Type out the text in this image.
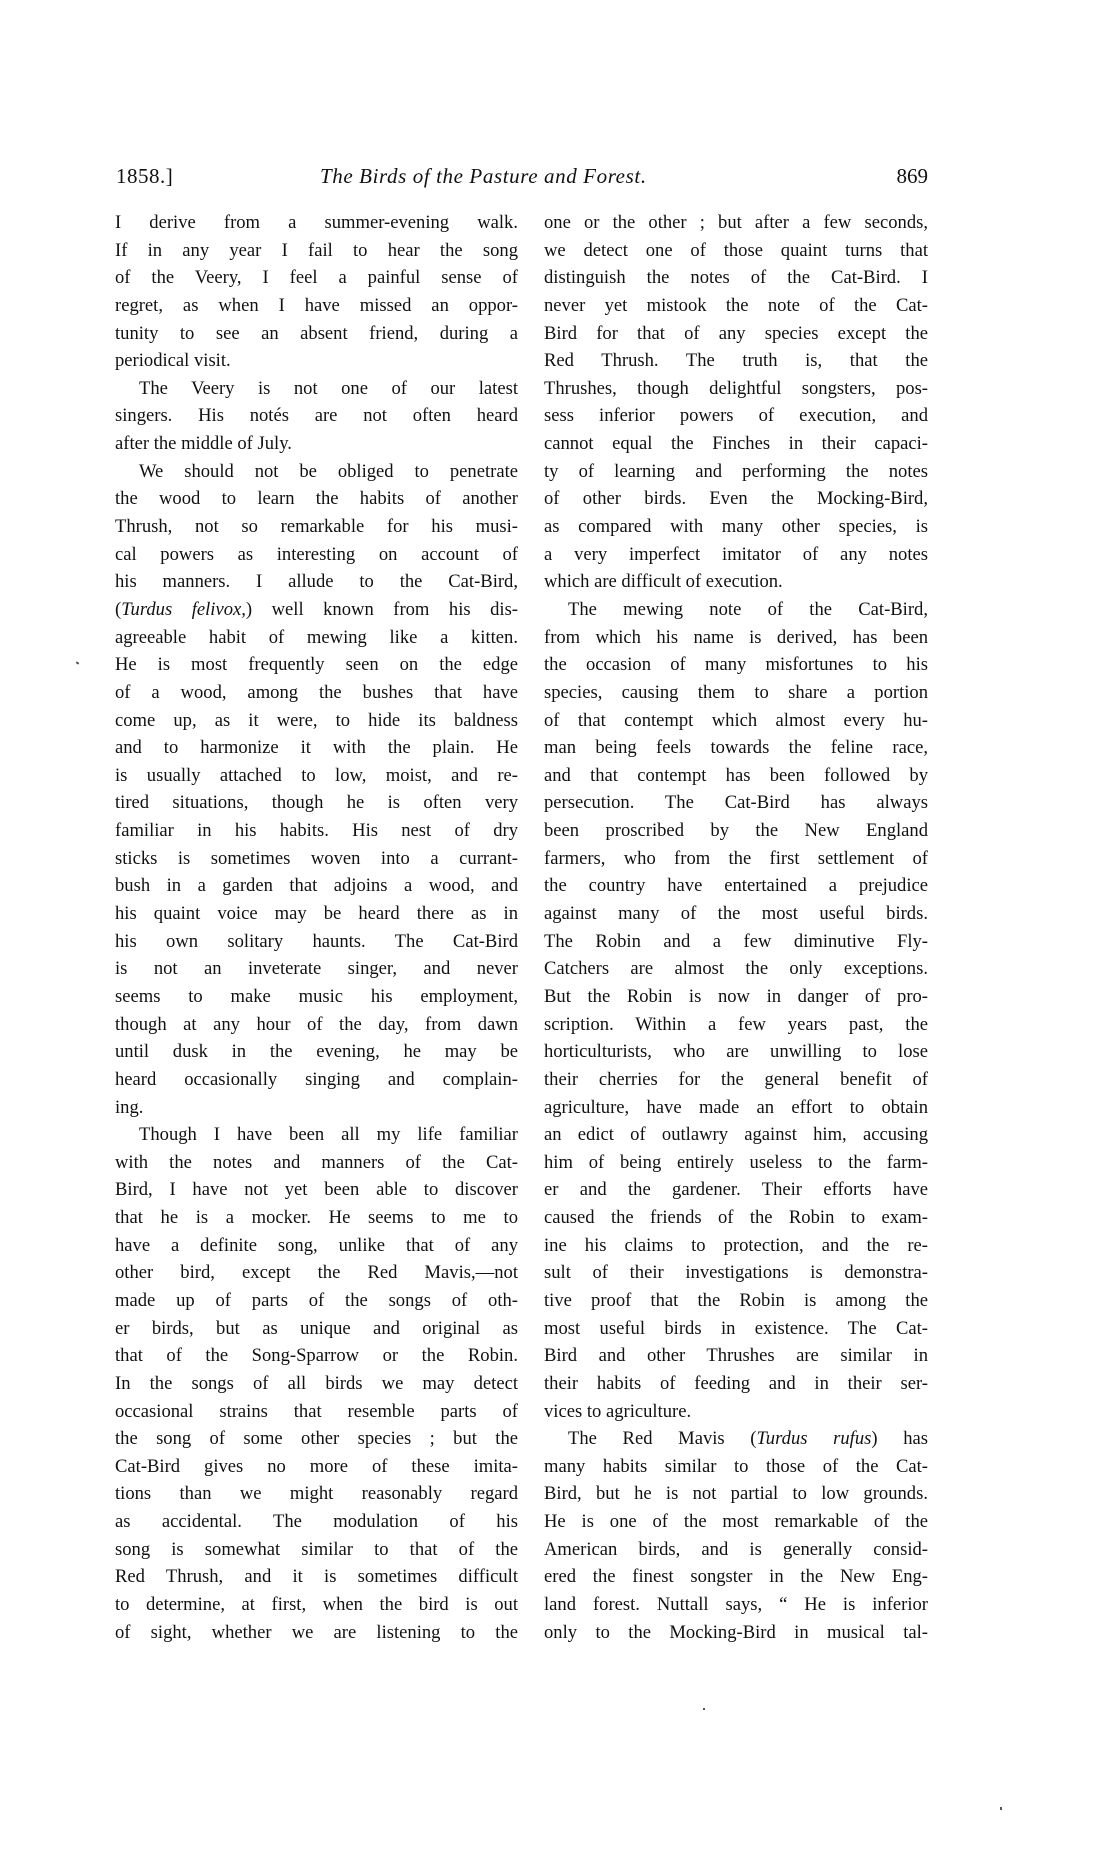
1858.]	The Birds of the Pasture and Forest.	869
I derive from a summer-evening walk.
If in any year I fail to hear the song
of the Veery, I feel a painful sense of
regret, as when I have missed an oppor-
tunity to see an absent friend, during a
periodical visit.
The Veery is not one of our latest
singers. His notés are not often heard
after the middle of July.
We should not be obliged to penetrate
the wood to learn the habits of another
Thrush, not so remarkable for his musi-
cal powers as interesting on account of
his manners. I allude to the Cat-Bird,
(Turdus felivox,) well known from his dis-
agreeable habit of mewing like a kitten.
He is most frequently seen on the edge
of a wood, among the bushes that have
come up, as it were, to hide its baldness
and to harmonize it with the plain. He
is usually attached to low, moist, and re-
tired situations, though he is often very
familiar in his habits. His nest of dry
sticks is sometimes woven into a currant-
bush in a garden that adjoins a wood, and
his quaint voice may be heard there as in
his own solitary haunts. The Cat-Bird
is not an inveterate singer, and never
seems to make music his employment,
though at any hour of the day, from dawn
until dusk in the evening, he may be
heard occasionally singing and complain-
ing.
Though I have been all my life familiar
with the notes and manners of the Cat-
Bird, I have not yet been able to discover
that he is a mocker. He seems to me to
have a definite song, unlike that of any
other bird, except the Red Mavis,—not
made up of parts of the songs of oth-
er birds, but as unique and original as
that of the Song-Sparrow or the Robin.
In the songs of all birds we may detect
occasional strains that resemble parts of
the song of some other species ; but the
Cat-Bird gives no more of these imita-
tions than we might reasonably regard
as accidental. The modulation of his
song is somewhat similar to that of the
Red Thrush, and it is sometimes difficult
to determine, at first, when the bird is out
of sight, whether we are listening to the
one or the other ; but after a few seconds,
we detect one of those quaint turns that
distinguish the notes of the Cat-Bird. I
never yet mistook the note of the Cat-
Bird for that of any species except the
Red Thrush. The truth is, that the
Thrushes, though delightful songsters, pos-
sess inferior powers of execution, and
cannot equal the Finches in their capaci-
ty of learning and performing the notes
of other birds. Even the Mocking-Bird,
as compared with many other species, is
a very imperfect imitator of any notes
which are difficult of execution.
The mewing note of the Cat-Bird,
from which his name is derived, has been
the occasion of many misfortunes to his
species, causing them to share a portion
of that contempt which almost every hu-
man being feels towards the feline race,
and that contempt has been followed by
persecution. The Cat-Bird has always
been proscribed by the New England
farmers, who from the first settlement of
the country have entertained a prejudice
against many of the most useful birds.
The Robin and a few diminutive Fly-
Catchers are almost the only exceptions.
But the Robin is now in danger of pro-
scription. Within a few years past, the
horticulturists, who are unwilling to lose
their cherries for the general benefit of
agriculture, have made an effort to obtain
an edict of outlawry against him, accusing
him of being entirely useless to the farm-
er and the gardener. Their efforts have
caused the friends of the Robin to exam-
ine his claims to protection, and the re-
sult of their investigations is demonstra-
tive proof that the Robin is among the
most useful birds in existence. The Cat-
Bird and other Thrushes are similar in
their habits of feeding and in their ser-
vices to agriculture.
The Red Mavis (Turdus rufus) has
many habits similar to those of the Cat-
Bird, but he is not partial to low grounds.
He is one of the most remarkable of the
American birds, and is generally consid-
ered the finest songster in the New Eng-
land forest. Nuttall says, “ He is inferior
only to the Mocking-Bird in musical tal-
